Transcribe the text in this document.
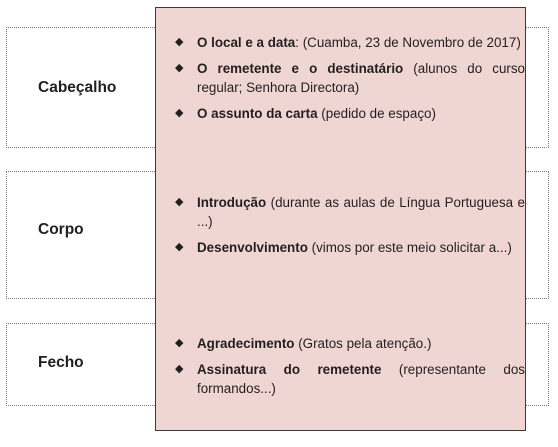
Cabeçalho
Corpo
Fecho
◆ O local e a data: (Cuamba, 23 de Novembro de 2017)
◆ O remetente e o destinatário (alunos do curso regular; Senhora Directora)
◆ O assunto da carta (pedido de espaço)
◆ Introdução (durante as aulas de Língua Portuguesa e ...)
◆ Desenvolvimento (vimos por este meio solicitar a...)
◆ Agradecimento (Gratos pela atenção.)
◆ Assinatura do remetente (representante dos formandos...)
